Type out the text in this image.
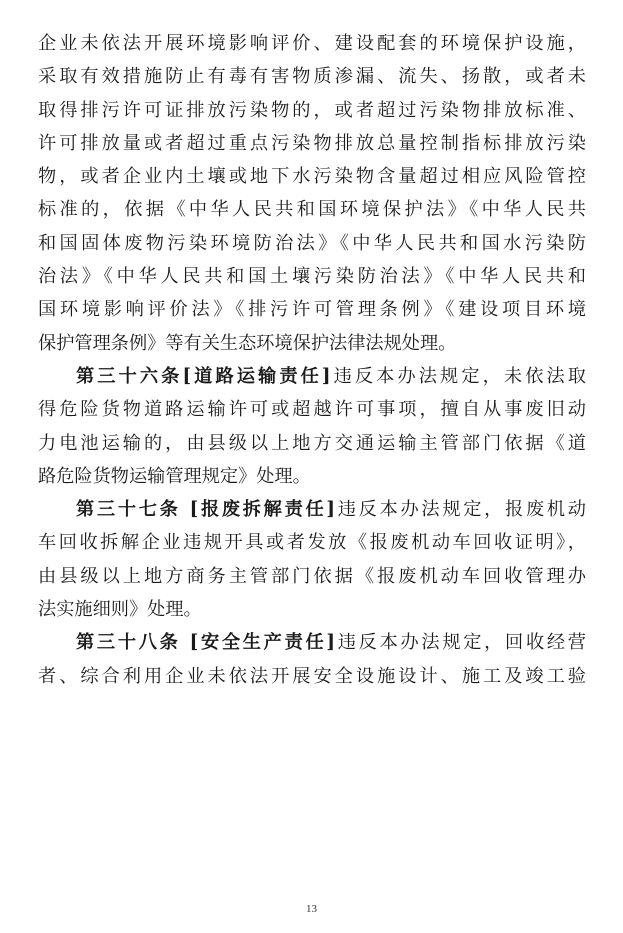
企业未依法开展环境影响评价、建设配套的环境保护设施，
采取有效措施防止有毒有害物质渗漏、流失、扬散，或者未
取得排污许可证排放污染物的，或者超过污染物排放标准、
许可排放量或者超过重点污染物排放总量控制指标排放污染
物，或者企业内土壤或地下水污染物含量超过相应风险管控
标准的，依据《中华人民共和国环境保护法》《中华人民共
和国固体废物污染环境防治法》《中华人民共和国水污染防
治法》《中华人民共和国土壤污染防治法》《中华人民共和
国环境影响评价法》《排污许可管理条例》《建设项目环境
保护管理条例》等有关生态环境保护法律法规处理。
第三十六条[道路运输责任]违反本办法规定，未依法取
得危险货物道路运输许可或超越许可事项，擅自从事废旧动
力电池运输的，由县级以上地方交通运输主管部门依据《道
路危险货物运输管理规定》处理。
第三十七条 [报废拆解责任]违反本办法规定，报废机动
车回收拆解企业违规开具或者发放《报废机动车回收证明》，
由县级以上地方商务主管部门依据《报废机动车回收管理办
法实施细则》处理。
第三十八条 [安全生产责任]违反本办法规定，回收经营
者、综合利用企业未依法开展安全设施设计、施工及竣工验
13
